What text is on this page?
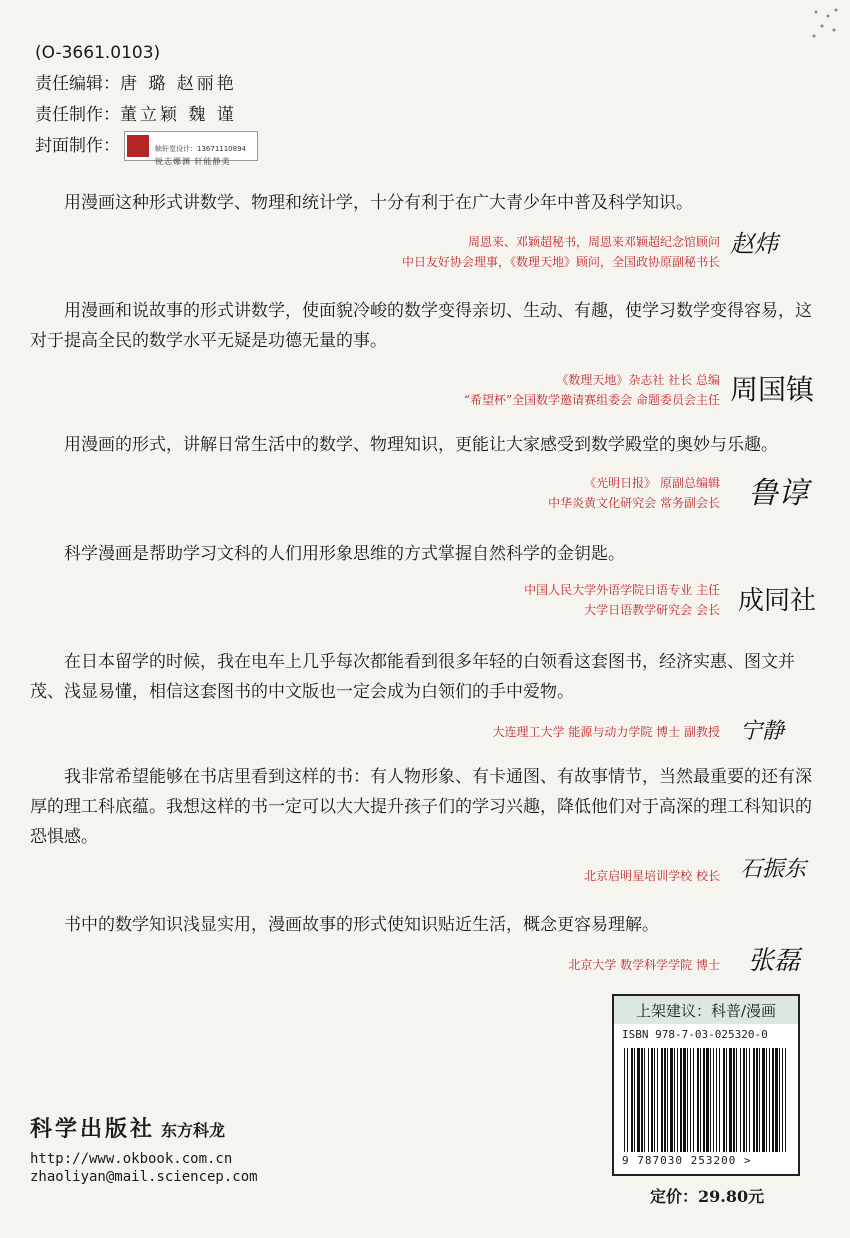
(O-3661.0103)
责任编辑：唐 璐 赵丽艳
责任制作：董立颖 魏 谨
封面制作：	帧轩堂设计：13671110894
锐志娜渊 轩能静美
用漫画这种形式讲数学、物理和统计学，十分有利于在广大青少年中普及科学知识。
周恩来、邓颖超秘书，周恩来邓颖超纪念馆顾问
中日友好协会理事，《数理天地》顾问，全国政协原副秘书长
赵炜
用漫画和说故事的形式讲数学，使面貌冷峻的数学变得亲切、生动、有趣，使学习数学变得容易，这对于提高全民的数学水平无疑是功德无量的事。
《数理天地》杂志社 社长 总编
“希望杯”全国数学邀请赛组委会 命题委员会主任 周国镇
用漫画的形式，讲解日常生活中的数学、物理知识，更能让大家感受到数学殿堂的奥妙与乐趣。
《光明日报》 原副总编辑
中华炎黄文化研究会 常务副会长 鲁谆
科学漫画是帮助学习文科的人们用形象思维的方式掌握自然科学的金钥匙。
中国人民大学外语学院日语专业 主任
大学日语教学研究会 会长 成同社
在日本留学的时候，我在电车上几乎每次都能看到很多年轻的白领看这套图书，经济实惠、图文并茂、浅显易懂，相信这套图书的中文版也一定会成为白领们的手中爱物。
大连理工大学 能源与动力学院 博士 副教授 宁静
我非常希望能够在书店里看到这样的书：有人物形象、有卡通图、有故事情节，当然最重要的还有深厚的理工科底蕴。我想这样的书一定可以大大提升孩子们的学习兴趣，降低他们对于高深的理工科知识的恐惧感。
北京启明星培训学校 校长 石振东
书中的数学知识浅显实用，漫画故事的形式使知识贴近生活，概念更容易理解。
北京大学 数学科学学院 博士 张磊
科学出版社 东方科龙
http://www.okbook.com.cn
zhaoliyan@mail.sciencep.com
上架建议：科普/漫画
ISBN 978-7-03-025320-0
9 787030 253200 >
定价：29.80元
